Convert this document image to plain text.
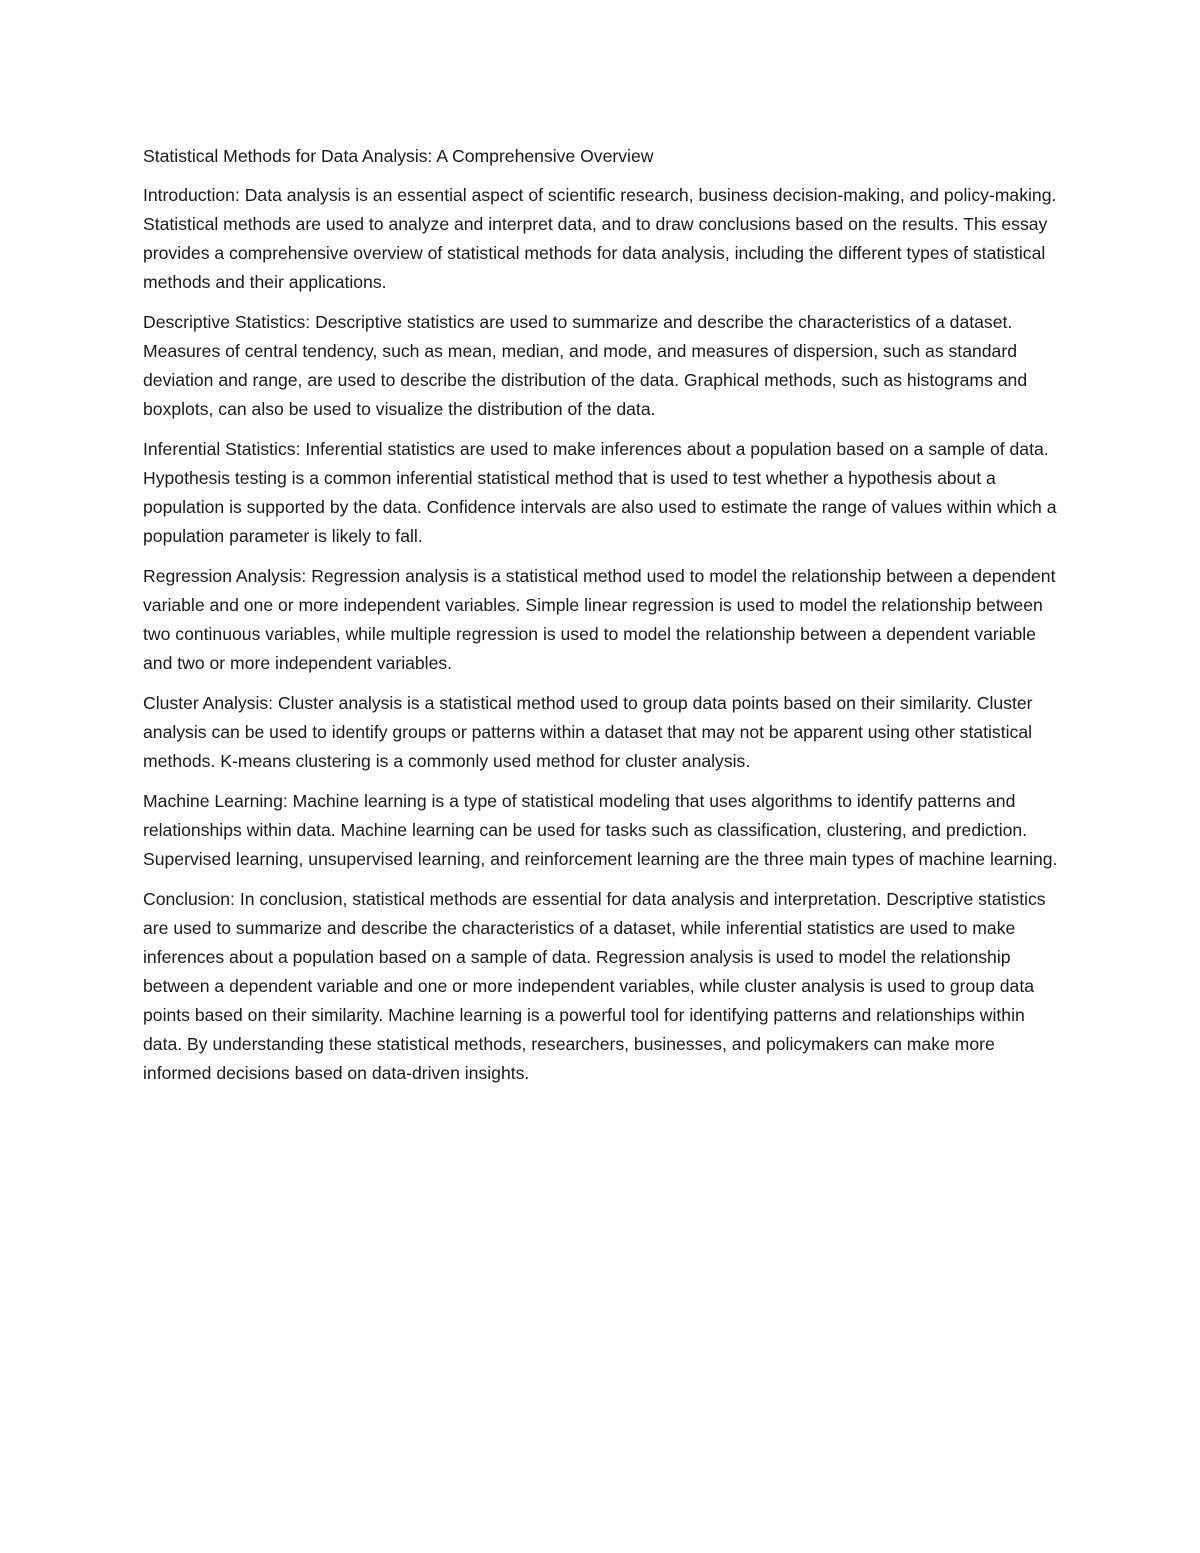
Statistical Methods for Data Analysis: A Comprehensive Overview

Introduction: Data analysis is an essential aspect of scientific research, business decision-making, and policy-making. Statistical methods are used to analyze and interpret data, and to draw conclusions based on the results. This essay provides a comprehensive overview of statistical methods for data analysis, including the different types of statistical methods and their applications.

Descriptive Statistics: Descriptive statistics are used to summarize and describe the characteristics of a dataset. Measures of central tendency, such as mean, median, and mode, and measures of dispersion, such as standard deviation and range, are used to describe the distribution of the data. Graphical methods, such as histograms and boxplots, can also be used to visualize the distribution of the data.

Inferential Statistics: Inferential statistics are used to make inferences about a population based on a sample of data. Hypothesis testing is a common inferential statistical method that is used to test whether a hypothesis about a population is supported by the data. Confidence intervals are also used to estimate the range of values within which a population parameter is likely to fall.

Regression Analysis: Regression analysis is a statistical method used to model the relationship between a dependent variable and one or more independent variables. Simple linear regression is used to model the relationship between two continuous variables, while multiple regression is used to model the relationship between a dependent variable and two or more independent variables.

Cluster Analysis: Cluster analysis is a statistical method used to group data points based on their similarity. Cluster analysis can be used to identify groups or patterns within a dataset that may not be apparent using other statistical methods. K-means clustering is a commonly used method for cluster analysis.

Machine Learning: Machine learning is a type of statistical modeling that uses algorithms to identify patterns and relationships within data. Machine learning can be used for tasks such as classification, clustering, and prediction. Supervised learning, unsupervised learning, and reinforcement learning are the three main types of machine learning.

Conclusion: In conclusion, statistical methods are essential for data analysis and interpretation. Descriptive statistics are used to summarize and describe the characteristics of a dataset, while inferential statistics are used to make inferences about a population based on a sample of data. Regression analysis is used to model the relationship between a dependent variable and one or more independent variables, while cluster analysis is used to group data points based on their similarity. Machine learning is a powerful tool for identifying patterns and relationships within data. By understanding these statistical methods, researchers, businesses, and policymakers can make more informed decisions based on data-driven insights.
